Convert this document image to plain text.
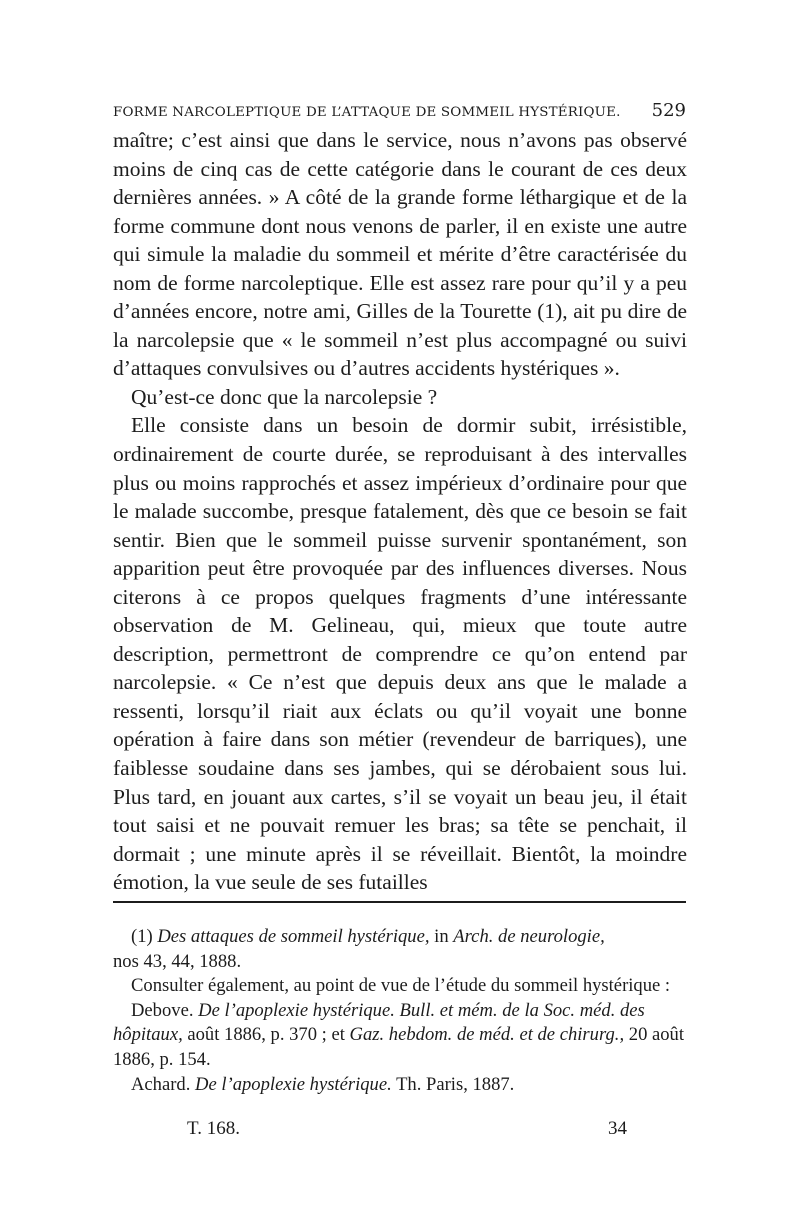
FORME NARCOLEPTIQUE DE L’ATTAQUE DE SOMMEIL HYSTÉRIQUE. 529

maître; c’est ainsi que dans le service, nous n’avons pas observé moins de cinq cas de cette catégorie dans le courant de ces deux dernières années. » A côté de la grande forme léthargique et de la forme commune dont nous venons de parler, il en existe une autre qui simule la maladie du sommeil et mérite d’être caractérisée du nom de forme narcoleptique. Elle est assez rare pour qu’il y a peu d’années encore, notre ami, Gilles de la Tourette (1), ait pu dire de la narcolepsie que « le sommeil n’est plus accompagné ou suivi d’attaques convulsives ou d’autres accidents hystériques ».

Qu’est-ce donc que la narcolepsie ?

Elle consiste dans un besoin de dormir subit, irrésistible, ordinairement de courte durée, se reproduisant à des intervalles plus ou moins rapprochés et assez impérieux d’ordinaire pour que le malade succombe, presque fatalement, dès que ce besoin se fait sentir. Bien que le sommeil puisse survenir spontanément, son apparition peut être provoquée par des influences diverses. Nous citerons à ce propos quelques fragments d’une intéressante observation de M. Gelineau, qui, mieux que toute autre description, permettront de comprendre ce qu’on entend par narcolepsie. « Ce n’est que depuis deux ans que le malade a ressenti, lorsqu’il riait aux éclats ou qu’il voyait une bonne opération à faire dans son métier (revendeur de barriques), une faiblesse soudaine dans ses jambes, qui se dérobaient sous lui. Plus tard, en jouant aux cartes, s’il se voyait un beau jeu, il était tout saisi et ne pouvait remuer les bras; sa tête se penchait, il dormait ; une minute après il se réveillait. Bientôt, la moindre émotion, la vue seule de ses futailles

(1) Des attaques de sommeil hystérique, in Arch. de neurologie,
nos 43, 44, 1888.

Consulter également, au point de vue de l’étude du sommeil hystérique :

Debove. De l’apoplexie hystérique. Bull. et mém. de la Soc. méd. des hôpitaux, août 1886, p. 370 ; et Gaz. hebdom. de méd. et de chirurg., 20 août 1886, p. 154.

Achard. De l’apoplexie hystérique. Th. Paris, 1887.

T. 168.	34
